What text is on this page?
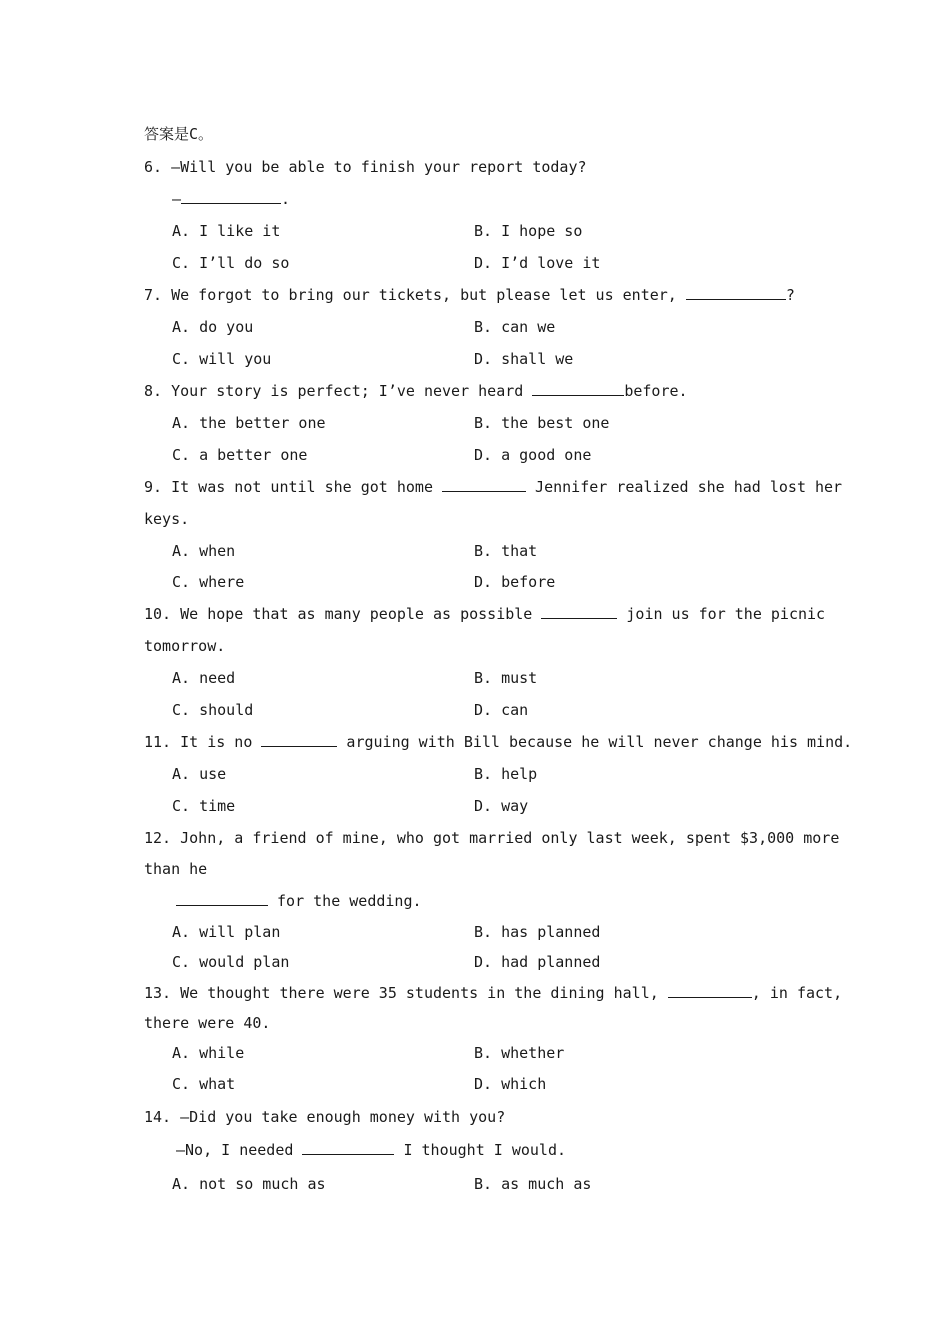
答案是C。
6. —Will you be able to finish your report today?
—	.
A. I like it	B. I hope so
C. I’ll do so	D. I’d love it
7. We forgot to bring our tickets, but please let us enter,	?
A. do you	B. can we
C. will you	D. shall we
8. Your story is perfect; I’ve never heard	before.
A. the better one	B. the best one
C. a better one	D. a good one
9. It was not until she got home	Jennifer realized she had lost her
keys.
A. when	B. that
C. where	D. before
10. We hope that as many people as possible	join us for the picnic
tomorrow.
A. need	B. must
C. should	D. can
11. It is no	arguing with Bill because he will never change his mind.
A. use	B. help
C. time	D. way
12. John, a friend of mine, who got married only last week, spent $3,000 more
than he
for the wedding.
A. will plan	B. has planned
C. would plan	D. had planned
13. We thought there were 35 students in the dining hall,	, in fact,
there were 40.
A. while	B. whether
C. what	D. which
14. —Did you take enough money with you?
—No, I needed	I thought I would.
A. not so much as	B. as much as
